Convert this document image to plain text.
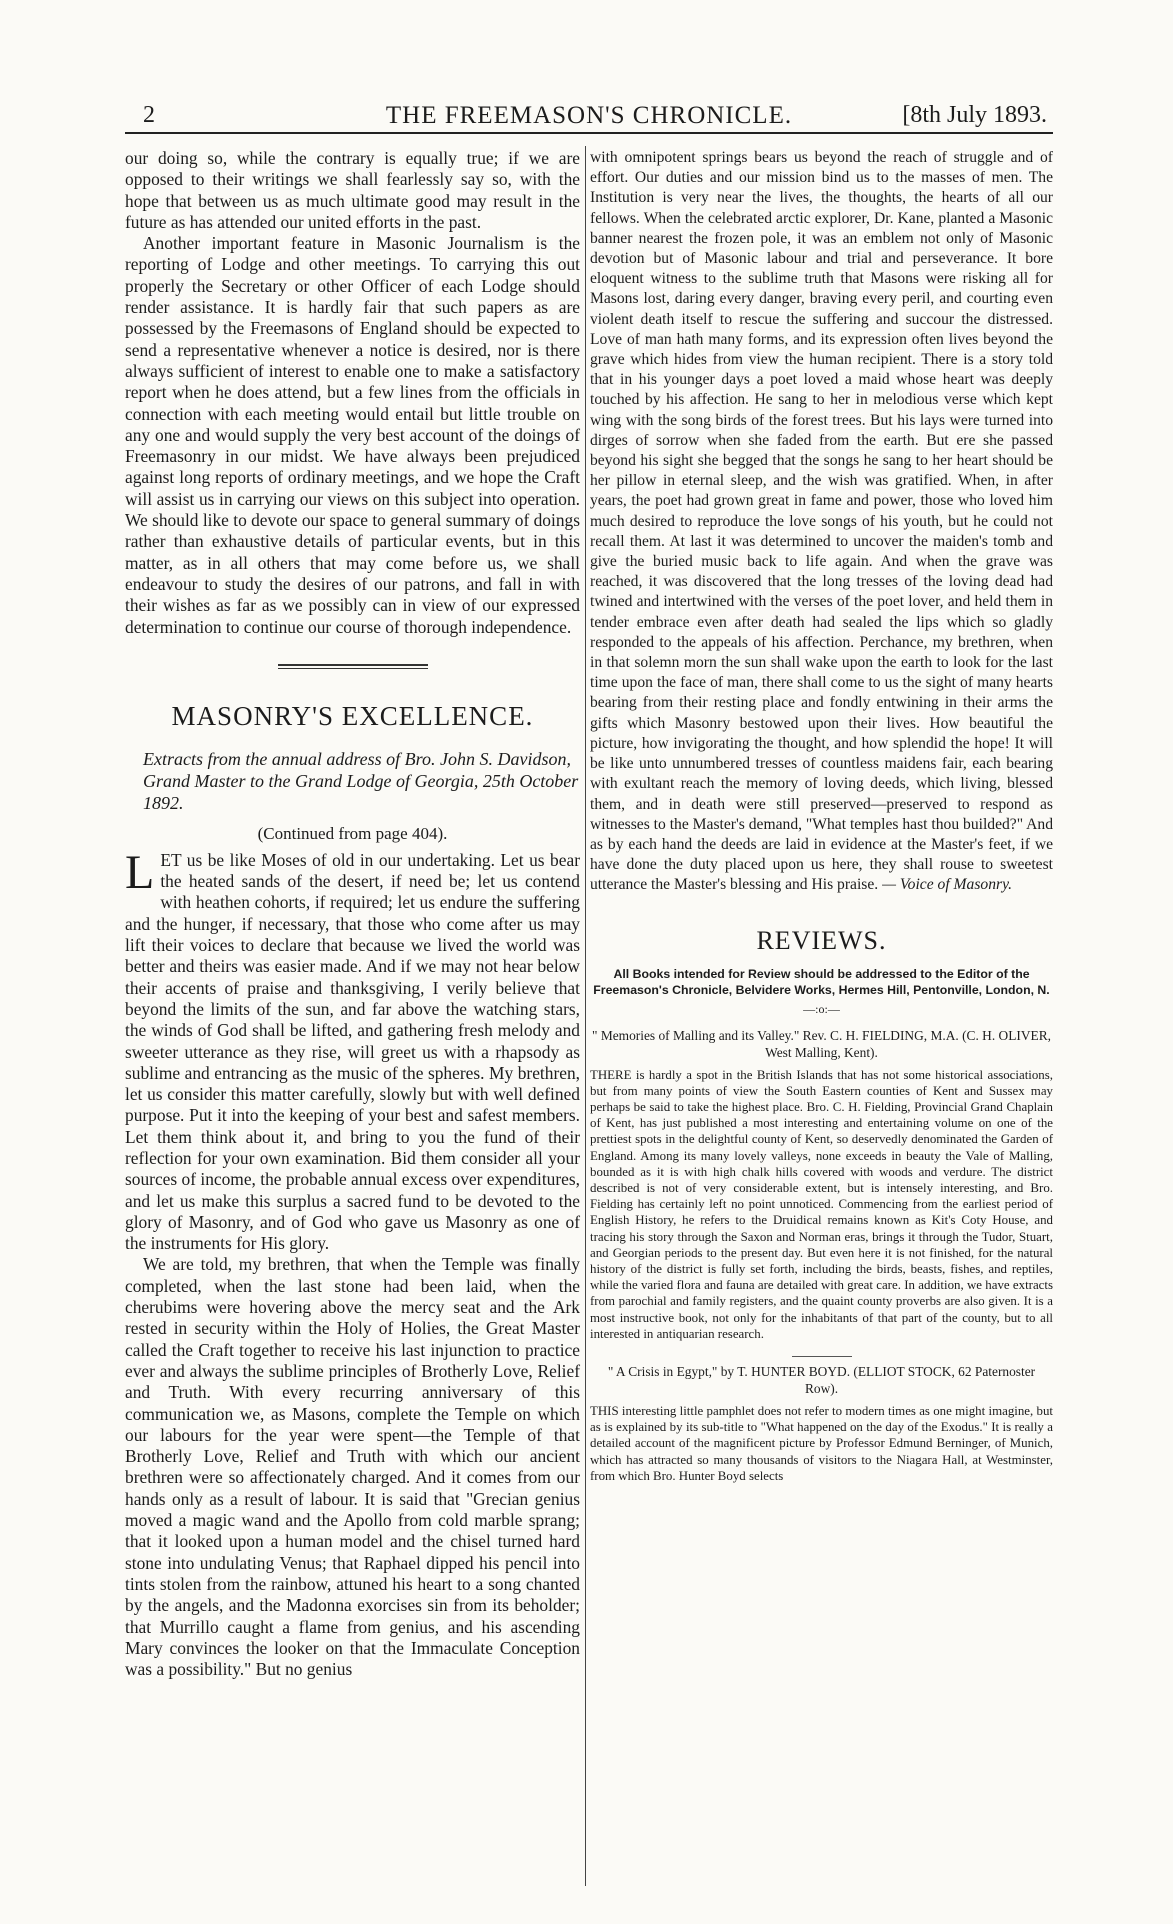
2	THE FREEMASON'S CHRONICLE.	[8th July 1893.

our doing so, while the contrary is equally true; if we are opposed to their writings we shall fearlessly say so, with the hope that between us as much ultimate good may result in the future as has attended our united efforts in the past.

Another important feature in Masonic Journalism is the reporting of Lodge and other meetings. To carrying this out properly the Secretary or other Officer of each Lodge should render assistance. It is hardly fair that such papers as are possessed by the Freemasons of England should be expected to send a representative whenever a notice is desired, nor is there always sufficient of interest to enable one to make a satisfactory report when he does attend, but a few lines from the officials in connection with each meeting would entail but little trouble on any one and would supply the very best account of the doings of Freemasonry in our midst. We have always been prejudiced against long reports of ordinary meetings, and we hope the Craft will assist us in carrying our views on this subject into operation. We should like to devote our space to general summary of doings rather than exhaustive details of particular events, but in this matter, as in all others that may come before us, we shall endeavour to study the desires of our patrons, and fall in with their wishes as far as we possibly can in view of our expressed determination to continue our course of thorough independence.

MASONRY'S EXCELLENCE.
Extracts from the annual address of Bro. John S. Davidson, Grand Master to the Grand Lodge of Georgia, 25th October 1892.
(Continued from page 404).

LET us be like Moses of old in our undertaking. Let us bear the heated sands of the desert, if need be; let us contend with heathen cohorts, if required; let us endure the suffering and the hunger, if necessary, that those who come after us may lift their voices to declare that because we lived the world was better and theirs was easier made. And if we may not hear below their accents of praise and thanksgiving, I verily believe that beyond the limits of the sun, and far above the watching stars, the winds of God shall be lifted, and gathering fresh melody and sweeter utterance as they rise, will greet us with a rhapsody as sublime and entrancing as the music of the spheres. My brethren, let us consider this matter carefully, slowly but with well defined purpose. Put it into the keeping of your best and safest members. Let them think about it, and bring to you the fund of their reflection for your own examination. Bid them consider all your sources of income, the probable annual excess over expenditures, and let us make this surplus a sacred fund to be devoted to the glory of Masonry, and of God who gave us Masonry as one of the instruments for His glory.

We are told, my brethren, that when the Temple was finally completed, when the last stone had been laid, when the cherubims were hovering above the mercy seat and the Ark rested in security within the Holy of Holies, the Great Master called the Craft together to receive his last injunction to practice ever and always the sublime principles of Brotherly Love, Relief and Truth. With every recurring anniversary of this communication we, as Masons, complete the Temple on which our labours for the year were spent—the Temple of that Brotherly Love, Relief and Truth with which our ancient brethren were so affectionately charged. And it comes from our hands only as a result of labour. It is said that "Grecian genius moved a magic wand and the Apollo from cold marble sprang; that it looked upon a human model and the chisel turned hard stone into undulating Venus; that Raphael dipped his pencil into tints stolen from the rainbow, attuned his heart to a song chanted by the angels, and the Madonna exorcises sin from its beholder; that Murrillo caught a flame from genius, and his ascending Mary convinces the looker on that the Immaculate Conception was a possibility." But no genius

with omnipotent springs bears us beyond the reach of struggle and of effort. Our duties and our mission bind us to the masses of men. The Institution is very near the lives, the thoughts, the hearts of all our fellows. When the celebrated arctic explorer, Dr. Kane, planted a Masonic banner nearest the frozen pole, it was an emblem not only of Masonic devotion but of Masonic labour and trial and perseverance. It bore eloquent witness to the sublime truth that Masons were risking all for Masons lost, daring every danger, braving every peril, and courting even violent death itself to rescue the suffering and succour the distressed. Love of man hath many forms, and its expression often lives beyond the grave which hides from view the human recipient. There is a story told that in his younger days a poet loved a maid whose heart was deeply touched by his affection. He sang to her in melodious verse which kept wing with the song birds of the forest trees. But his lays were turned into dirges of sorrow when she faded from the earth. But ere she passed beyond his sight she begged that the songs he sang to her heart should be her pillow in eternal sleep, and the wish was gratified. When, in after years, the poet had grown great in fame and power, those who loved him much desired to reproduce the love songs of his youth, but he could not recall them. At last it was determined to uncover the maiden's tomb and give the buried music back to life again. And when the grave was reached, it was discovered that the long tresses of the loving dead had twined and intertwined with the verses of the poet lover, and held them in tender embrace even after death had sealed the lips which so gladly responded to the appeals of his affection. Perchance, my brethren, when in that solemn morn the sun shall wake upon the earth to look for the last time upon the face of man, there shall come to us the sight of many hearts bearing from their resting place and fondly entwining in their arms the gifts which Masonry bestowed upon their lives. How beautiful the picture, how invigorating the thought, and how splendid the hope! It will be like unto unnumbered tresses of countless maidens fair, each bearing with exultant reach the memory of loving deeds, which living, blessed them, and in death were still preserved—preserved to respond as witnesses to the Master's demand, "What temples hast thou builded?" And as by each hand the deeds are laid in evidence at the Master's feet, if we have done the duty placed upon us here, they shall rouse to sweetest utterance the Master's blessing and His praise. — Voice of Masonry.

REVIEWS.
All Books intended for Review should be addressed to the Editor of the Freemason's Chronicle, Belvidere Works, Hermes Hill, Pentonville, London, N.
—:o:—
" Memories of Malling and its Valley." Rev. C. H. FIELDING, M.A. (C. H. OLIVER, West Malling, Kent).

THERE is hardly a spot in the British Islands that has not some historical associations, but from many points of view the South Eastern counties of Kent and Sussex may perhaps be said to take the highest place. Bro. C. H. Fielding, Provincial Grand Chaplain of Kent, has just published a most interesting and entertaining volume on one of the prettiest spots in the delightful county of Kent, so deservedly denominated the Garden of England. Among its many lovely valleys, none exceeds in beauty the Vale of Malling, bounded as it is with high chalk hills covered with woods and verdure. The district described is not of very considerable extent, but is intensely interesting, and Bro. Fielding has certainly left no point unnoticed. Commencing from the earliest period of English History, he refers to the Druidical remains known as Kit's Coty House, and tracing his story through the Saxon and Norman eras, brings it through the Tudor, Stuart, and Georgian periods to the present day. But even here it is not finished, for the natural history of the district is fully set forth, including the birds, beasts, fishes, and reptiles, while the varied flora and fauna are detailed with great care. In addition, we have extracts from parochial and family registers, and the quaint county proverbs are also given. It is a most instructive book, not only for the inhabitants of that part of the county, but to all interested in antiquarian research.

" A Crisis in Egypt," by T. HUNTER BOYD. (ELLIOT STOCK, 62 Paternoster Row).

THIS interesting little pamphlet does not refer to modern times as one might imagine, but as is explained by its sub-title to "What happened on the day of the Exodus." It is really a detailed account of the magnificent picture by Professor Edmund Berninger, of Munich, which has attracted so many thousands of visitors to the Niagara Hall, at Westminster, from which Bro. Hunter Boyd selects
